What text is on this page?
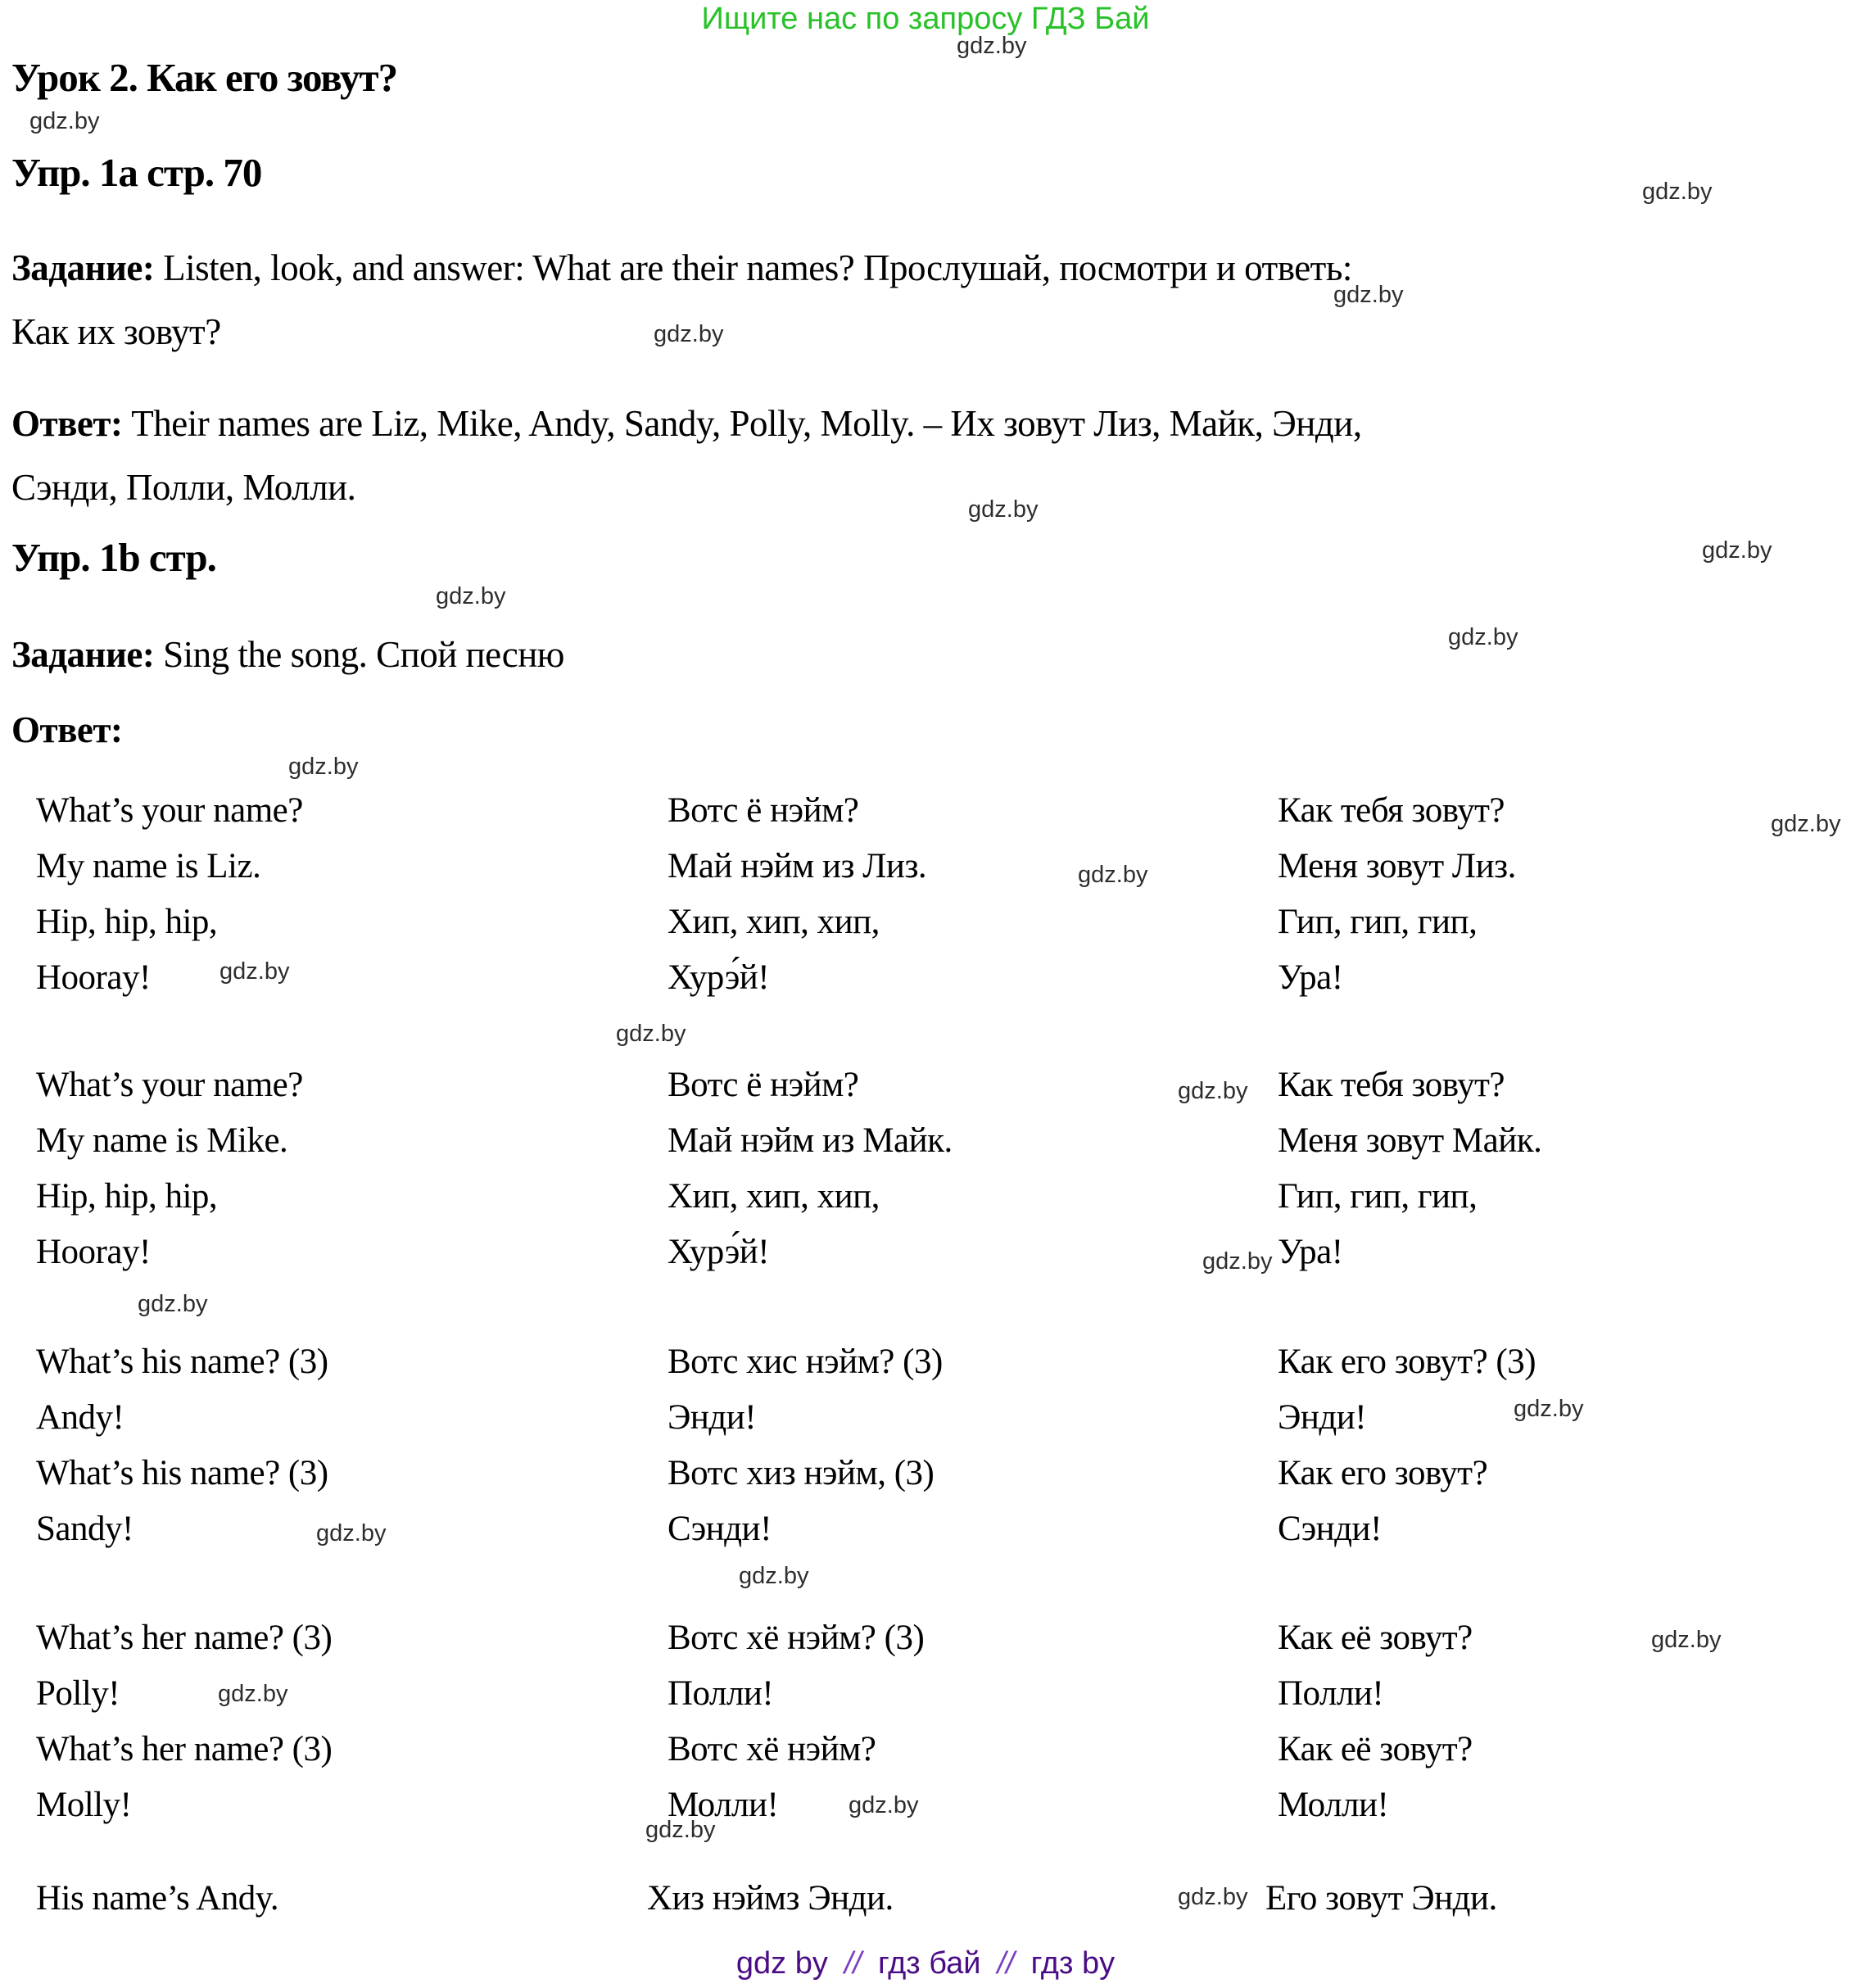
Ищите нас по запросу ГДЗ Бай
gdz.by
gdz.by
gdz.by
gdz.by
gdz.by
gdz.by
gdz.by
gdz.by
gdz.by
gdz.by
gdz.by
gdz.by
gdz.by
gdz.by
gdz.by
gdz.by
gdz.by
gdz.by
gdz.by
gdz.by
gdz.by
gdz.by
gdz.by
gdz.by
gdz.by
Урок 2. Как его зовут?
Упр. 1а стр. 70
Задание: Listen, look, and answer: What are their names? Прослушай, посмотри и ответь:
Как их зовут?
Ответ: Their names are Liz, Mike, Andy, Sandy, Polly, Molly. – Их зовут Лиз, Майк, Энди,
Сэнди, Полли, Молли.
Упр. 1b стр.
Задание: Sing the song. Спой песню
Ответ:
What’s your name?
My name is Liz.
Hip, hip, hip,
Hooray!
Вотс ё нэйм?
Май нэйм из Лиз.
Хип, хип, хип,
Хурэ́й!
Как тебя зовут?
Меня зовут Лиз.
Гип, гип, гип,
Ура!
What’s your name?
My name is Mike.
Hip, hip, hip,
Hooray!
Вотс ё нэйм?
Май нэйм из Майк.
Хип, хип, хип,
Хурэ́й!
Как тебя зовут?
Меня зовут Майк.
Гип, гип, гип,
Ура!
What’s his name? (3)
Andy!
What’s his name? (3)
Sandy!
Вотс хис нэйм? (3)
Энди!
Вотс хиз нэйм, (3)
Сэнди!
Как его зовут? (3)
Энди!
Как его зовут?
Сэнди!
What’s her name? (3)
Polly!
What’s her name? (3)
Molly!
Вотс хё нэйм? (3)
Полли!
Вотс хё нэйм?
Молли!
Как её зовут?
Полли!
Как её зовут?
Молли!
His name’s Andy.	Хиз нэймз Энди.	Его зовут Энди.
gdz by // гдз бай // гдз by
